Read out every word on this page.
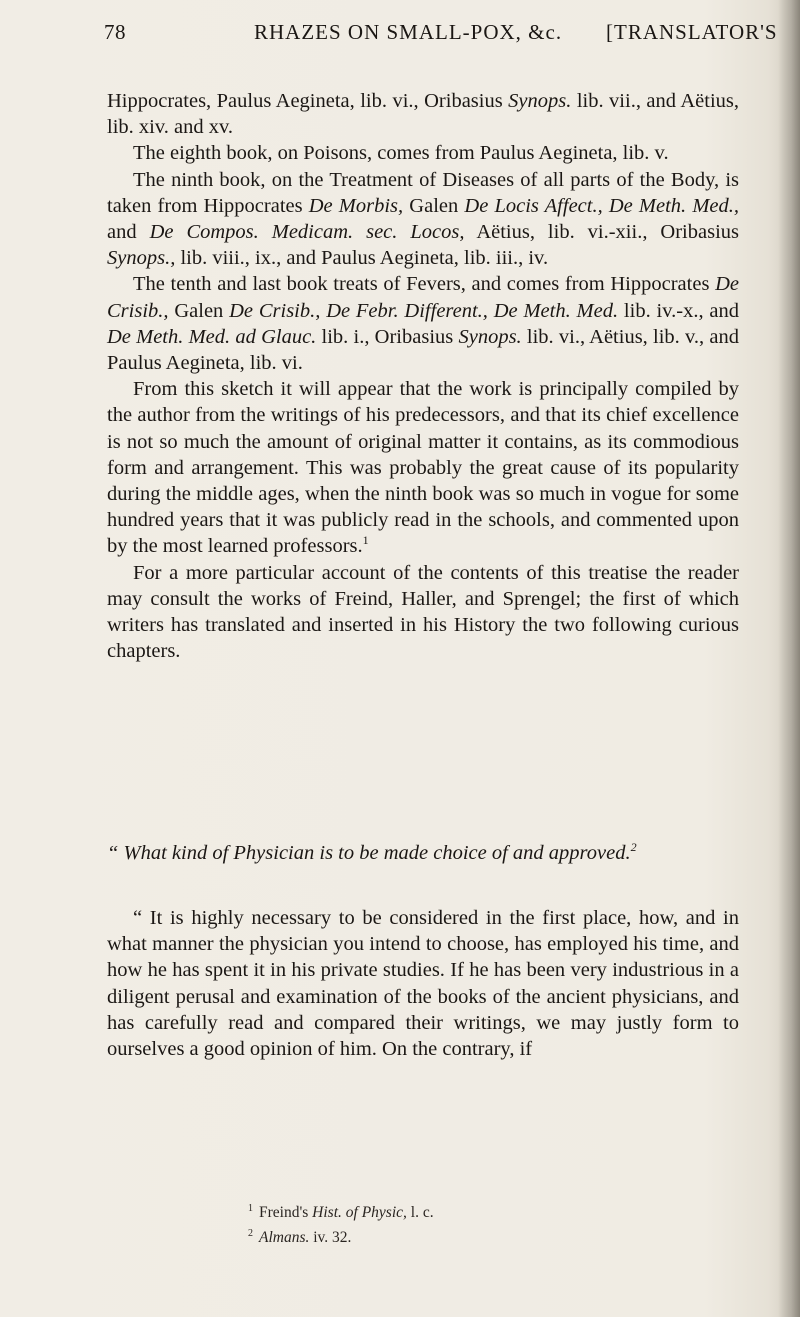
78	RHAZES ON SMALL-POX, &c. [TRANSLATOR'S

Hippocrates, Paulus Aegineta, lib. vi., Oribasius Synops. lib. vii., and Aëtius, lib. xiv. and xv.

The eighth book, on Poisons, comes from Paulus Aegineta, lib. v.

The ninth book, on the Treatment of Diseases of all parts of the Body, is taken from Hippocrates De Morbis, Galen De Locis Affect., De Meth. Med., and De Compos. Medicam. sec. Locos, Aëtius, lib. vi.-xii., Oribasius Synops., lib. viii., ix., and Paulus Aegineta, lib. iii., iv.

The tenth and last book treats of Fevers, and comes from Hippocrates De Crisib., Galen De Crisib., De Febr. Different., De Meth. Med. lib. iv.-x., and De Meth. Med. ad Glauc. lib. i., Oribasius Synops. lib. vi., Aëtius, lib. v., and Paulus Aegineta, lib. vi.

From this sketch it will appear that the work is principally compiled by the author from the writings of his predecessors, and that its chief excellence is not so much the amount of original matter it contains, as its commodious form and arrangement. This was probably the great cause of its popularity during the middle ages, when the ninth book was so much in vogue for some hundred years that it was publicly read in the schools, and commented upon by the most learned professors.$^1$

For a more particular account of the contents of this treatise the reader may consult the works of Freind, Haller, and Sprengel; the first of which writers has translated and inserted in his History the two following curious chapters.

“ What kind of Physician is to be made choice of and approved.$^2$

“ It is highly necessary to be considered in the first place, how, and in what manner the physician you intend to choose, has employed his time, and how he has spent it in his private studies. If he has been very industrious in a diligent perusal and examination of the books of the ancient physicians, and has carefully read and compared their writings, we may justly form to ourselves a good opinion of him. On the contrary, if

$^1$ Freind's Hist. of Physic, l. c.

$^2$ Almans. iv. 32.
